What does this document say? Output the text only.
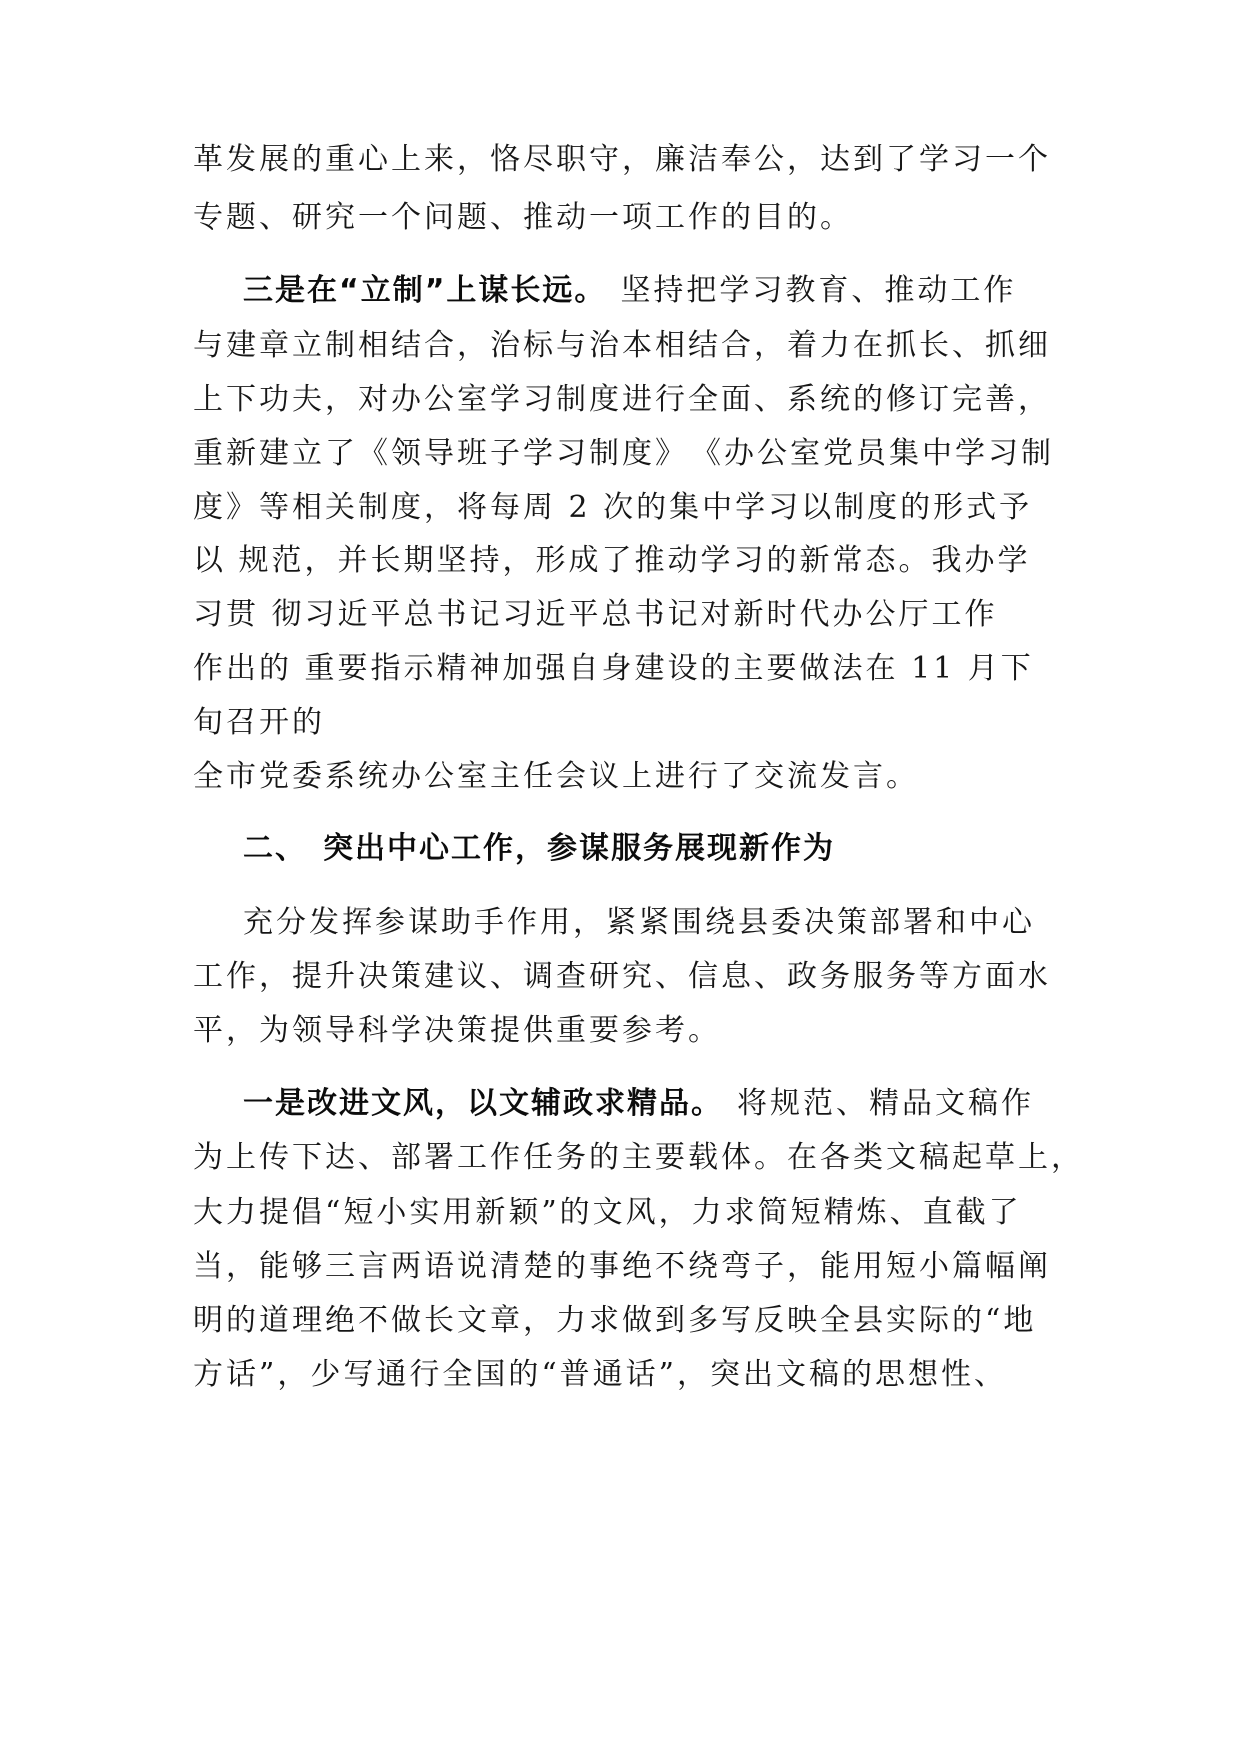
革发展的重心上来，恪尽职守，廉洁奉公，达到了学习一个
专题、研究一个问题、推动一项工作的目的。
三是在“立制”上谋长远。 坚持把学习教育、推动工作
与建章立制相结合，治标与治本相结合，着力在抓长、抓细
上下功夫，对办公室学习制度进行全面、系统的修订完善，
重新建立了《领导班子学习制度》　《办公室党员集中学习制
度》等相关制度，将每周 2 次的集中学习以制度的形式予
以 规范，并长期坚持，形成了推动学习的新常态。我办学
习贯 彻习近平总书记习近平总书记对新时代办公厅工作
作出的 重要指示精神加强自身建设的主要做法在 11 月下
旬召开的
全市党委系统办公室主任会议上进行了交流发言。
二、 突出中心工作，参谋服务展现新作为
充分发挥参谋助手作用，紧紧围绕县委决策部署和中心
工作，提升决策建议、调查研究、信息、政务服务等方面水
平，为领导科学决策提供重要参考。
一是改进文风，以文辅政求精品。 将规范、精品文稿作
为上传下达、部署工作任务的主要载体。在各类文稿起草上，
大力提倡“短小实用新颖”的文风，力求简短精炼、直截了
当，能够三言两语说清楚的事绝不绕弯子，能用短小篇幅阐
明的道理绝不做长文章，力求做到多写反映全县实际的“地
方话”，少写通行全国的“普通话”，突出文稿的思想性、
